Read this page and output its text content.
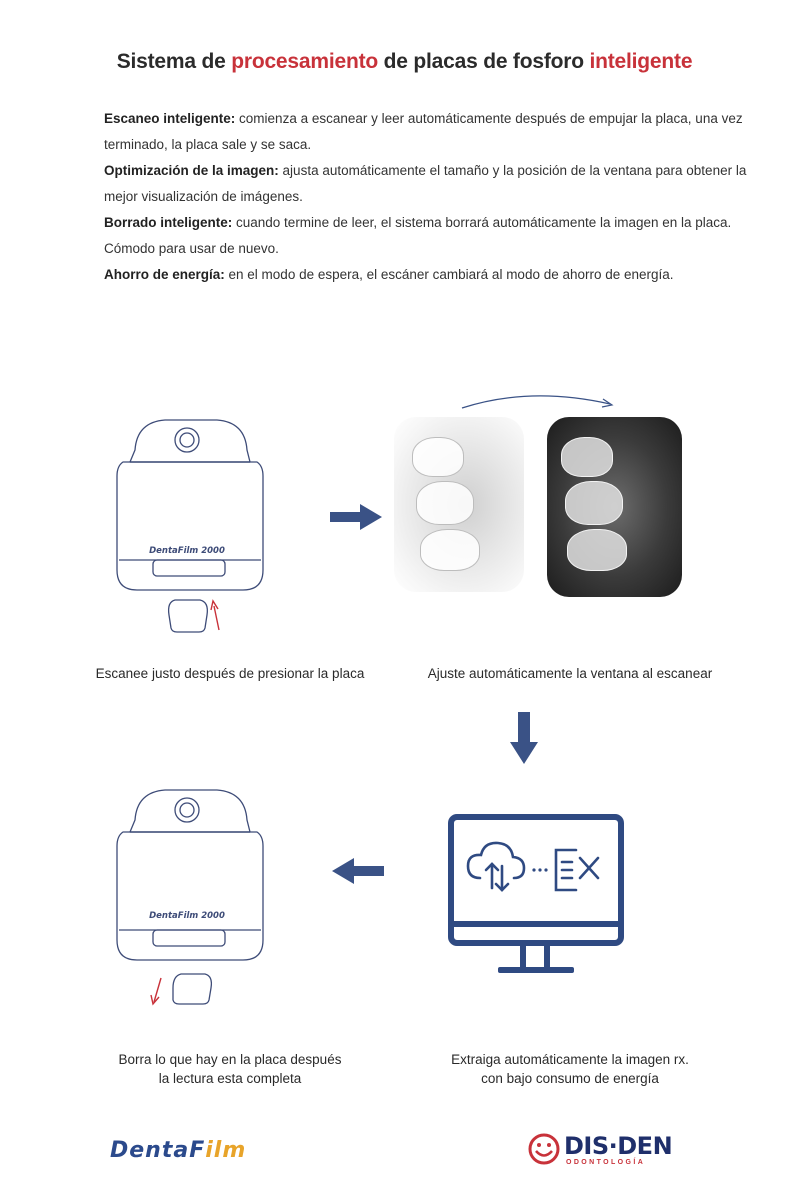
Sistema de procesamiento de placas de fosforo inteligente

Escaneo inteligente: comienza a escanear y leer automáticamente después de empujar la placa, una vez terminado, la placa sale y se saca.

Optimización de la imagen: ajusta automáticamente el tamaño y la posición de la ventana para obtener la mejor visualización de imágenes.

Borrado inteligente: cuando termine de leer, el sistema borrará automáticamente la imagen en la placa. Cómodo para usar de nuevo.

Ahorro de energía: en el modo de espera, el escáner cambiará al modo de ahorro de energía.

DentaFilm 2000
Escanee justo después de presionar la placa	Ajuste automáticamente la ventana al escanear
DentaFilm 2000
Borra lo que hay en la placa después
la lectura esta completa
Extraiga automáticamente la imagen rx.
con bajo consumo de energía
DentaFilm	DIS·DEN
ODONTOLOGÍA
